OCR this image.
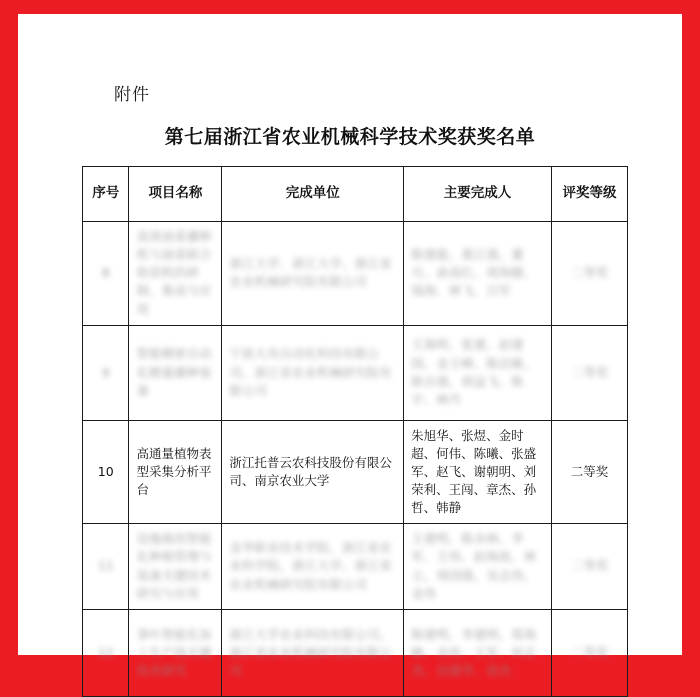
附件
第七届浙江省农业机械科学技术奖获奖名单
序号	项目名称	完成单位	主要完成人	评奖等级
8	高效油菜播种机与油菜联合收获机的研制、集成与应用	浙江大学、浙江大学、浙江省农业机械研究院有限公司	陈建能、葛江强、董月、俞高红、周海健、钱海、林飞、吕军	二等奖
9	智能精密自动化精量播种装备	宁波大央自动化科技有限公司、浙江省农业机械研究院有限公司	王海明、张建、赵建国、金王峰、陈洁敏、陈自强、胡益飞、陈宇、林丹	二等奖
10	高通量植物表型采集分析平台	浙江托普云农科技股份有限公司、南京农业大学	朱旭华、张煜、金时超、何伟、陈曦、张盛军、赵飞、谢朝明、刘荣利、王闯、章杰、孙哲、韩静	二等奖
11	设施栽培智能化种植管理与装备关键技术研究与应用	金华职业技术学院、浙江省农业科学院、浙江大学、浙江省农业机械研究院有限公司	王建明、陈余林、李军、王伟、赵海波、林立、周国强、吴志伟、金伟	二等奖
12	茶叶智能化加工生产线关键技术研究	浙江大学农业科技有限公司、浙江省农业机械研究院有限公司	陈建明、李建明、郑海峰、余伟、王军、何志杰、吴建华、徐杰	二等奖
